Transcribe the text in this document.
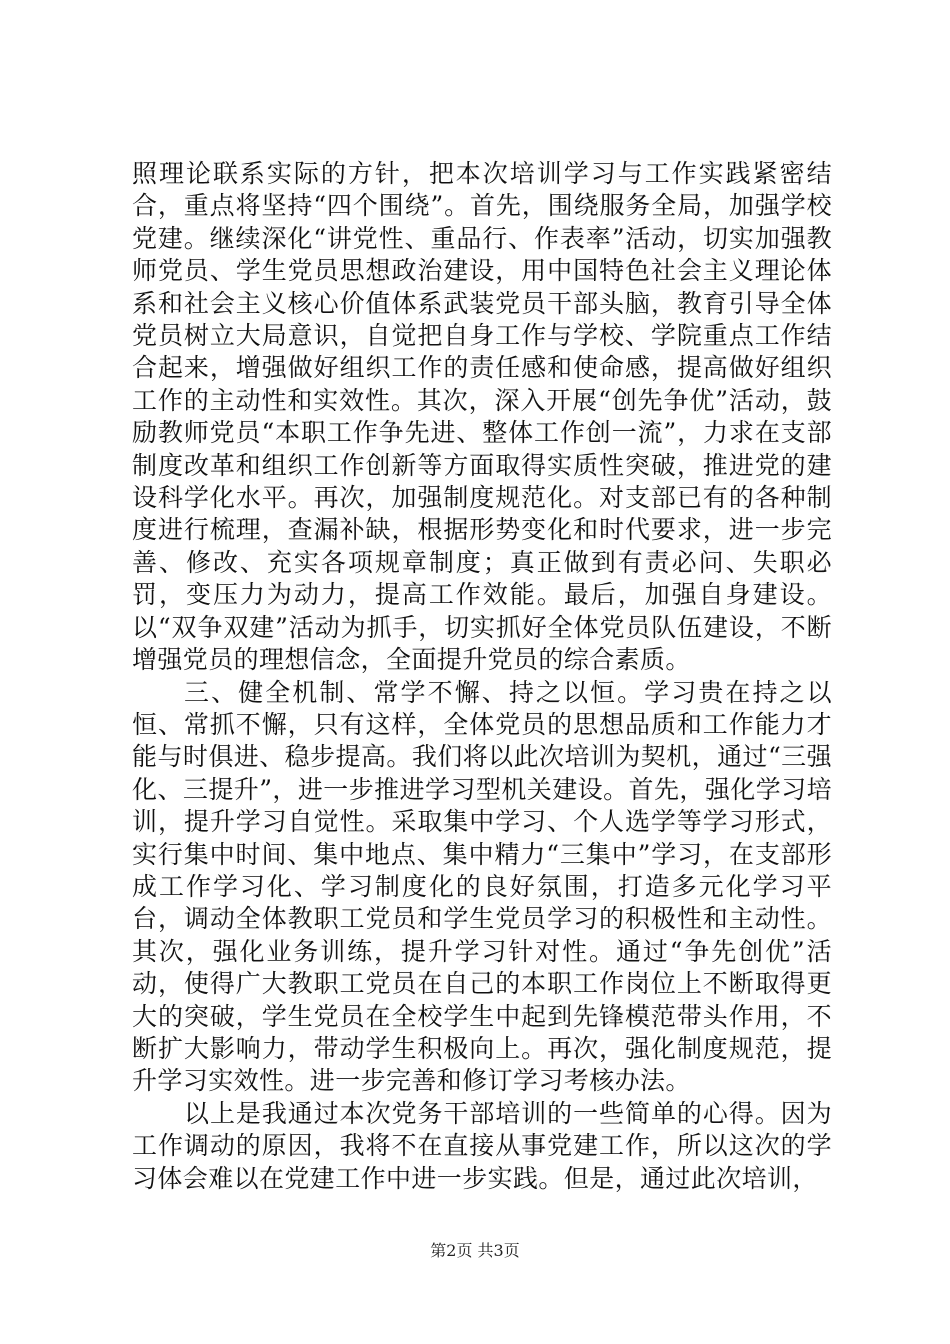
照理论联系实际的方针，把本次培训学习与工作实践紧密结合，重点将坚持“四个围绕”。首先，围绕服务全局，加强学校党建。继续深化“讲党性、重品行、作表率”活动，切实加强教师党员、学生党员思想政治建设，用中国特色社会主义理论体系和社会主义核心价值体系武装党员干部头脑，教育引导全体党员树立大局意识，自觉把自身工作与学校、学院重点工作结合起来，增强做好组织工作的责任感和使命感，提高做好组织工作的主动性和实效性。其次，深入开展“创先争优”活动，鼓励教师党员“本职工作争先进、整体工作创一流”，力求在支部制度改革和组织工作创新等方面取得实质性突破，推进党的建设科学化水平。再次，加强制度规范化。对支部已有的各种制度进行梳理，查漏补缺，根据形势变化和时代要求，进一步完善、修改、充实各项规章制度；真正做到有责必问、失职必罚，变压力为动力，提高工作效能。最后，加强自身建设。以“双争双建”活动为抓手，切实抓好全体党员队伍建设，不断增强党员的理想信念，全面提升党员的综合素质。

三、健全机制、常学不懈、持之以恒。学习贵在持之以恒、常抓不懈，只有这样，全体党员的思想品质和工作能力才能与时俱进、稳步提高。我们将以此次培训为契机，通过“三强化、三提升”，进一步推进学习型机关建设。首先，强化学习培训，提升学习自觉性。采取集中学习、个人选学等学习形式，实行集中时间、集中地点、集中精力“三集中”学习，在支部形成工作学习化、学习制度化的良好氛围，打造多元化学习平台，调动全体教职工党员和学生党员学习的积极性和主动性。其次，强化业务训练，提升学习针对性。通过“争先创优”活动，使得广大教职工党员在自己的本职工作岗位上不断取得更大的突破，学生党员在全校学生中起到先锋模范带头作用，不断扩大影响力，带动学生积极向上。再次，强化制度规范，提升学习实效性。进一步完善和修订学习考核办法。

以上是我通过本次党务干部培训的一些简单的心得。因为工作调动的原因，我将不在直接从事党建工作，所以这次的学习体会难以在党建工作中进一步实践。但是，通过此次培训，

第2页 共3页
